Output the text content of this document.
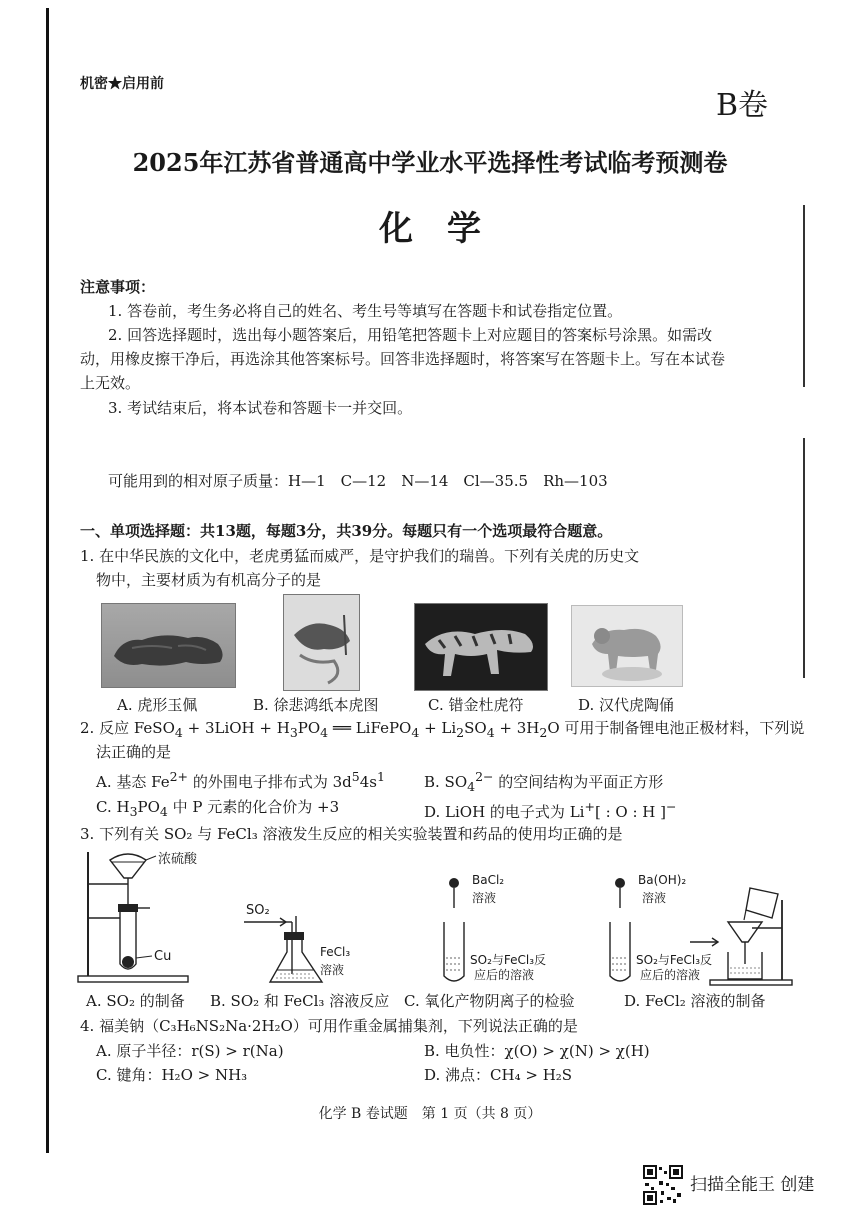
机密★启用前
B卷
2025年江苏省普通高中学业水平选择性考试临考预测卷
化　学
注意事项：
1. 答卷前，考生务必将自己的姓名、考生号等填写在答题卡和试卷指定位置。
2. 回答选择题时，选出每小题答案后，用铅笔把答题卡上对应题目的答案标号涂黑。如需改
动，用橡皮擦干净后，再选涂其他答案标号。回答非选择题时，将答案写在答题卡上。写在本试卷
上无效。
3. 考试结束后，将本试卷和答题卡一并交回。
可能用到的相对原子质量：H—1　C—12　N—14　Cl—35.5　Rh—103
一、单项选择题：共13题，每题3分，共39分。每题只有一个选项最符合题意。
1. 在中华民族的文化中，老虎勇猛而威严，是守护我们的瑞兽。下列有关虎的历史文
物中，主要材质为有机高分子的是
A. 虎形玉佩	B. 徐悲鸿纸本虎图	C. 错金杜虎符	D. 汉代虎陶俑
2. 反应 FeSO$_4$ + 3LiOH + $H_3PO_4$ ══ LiFePO$_4$ + $Li_2SO_4 + 3H_2O$ 可用于制备锂电池正极材料，下列说
法正确的是
A. 基态 $Fe^{2+}$ 的外围电子排布式为 $3d^54s^1$	B. $SO_4^{2-}$ 的空间结构为平面正方形
C. $H_3PO_4$ 中 P 元素的化合价为 +3	D. LiOH 的电子式为 Li+[ : O : H ]−
3. 下列有关 SO₂ 与 FeCl₃ 溶液发生反应的相关实验装置和药品的使用均正确的是
浓硫酸
Cu
SO₂
FeCl₃
溶液
BaCl₂
溶液
SO₂与FeCl₃反
应后的溶液
Ba(OH)₂
溶液
SO₂与FeCl₃反
应后的溶液
A. SO₂ 的制备 B. SO₂ 和 FeCl₃ 溶液反应 C. 氧化产物阴离子的检验	D. FeCl₂ 溶液的制备
4. 福美钠（C₃H₆NS₂Na·2H₂O）可用作重金属捕集剂，下列说法正确的是
A. 原子半径：r(S) > r(Na)	B. 电负性：χ(O) > χ(N) > χ(H)
C. 键角：H₂O > NH₃	D. 沸点：CH₄ > H₂S
化学 B 卷试题　第 1 页（共 8 页）
扫描全能王 创建
